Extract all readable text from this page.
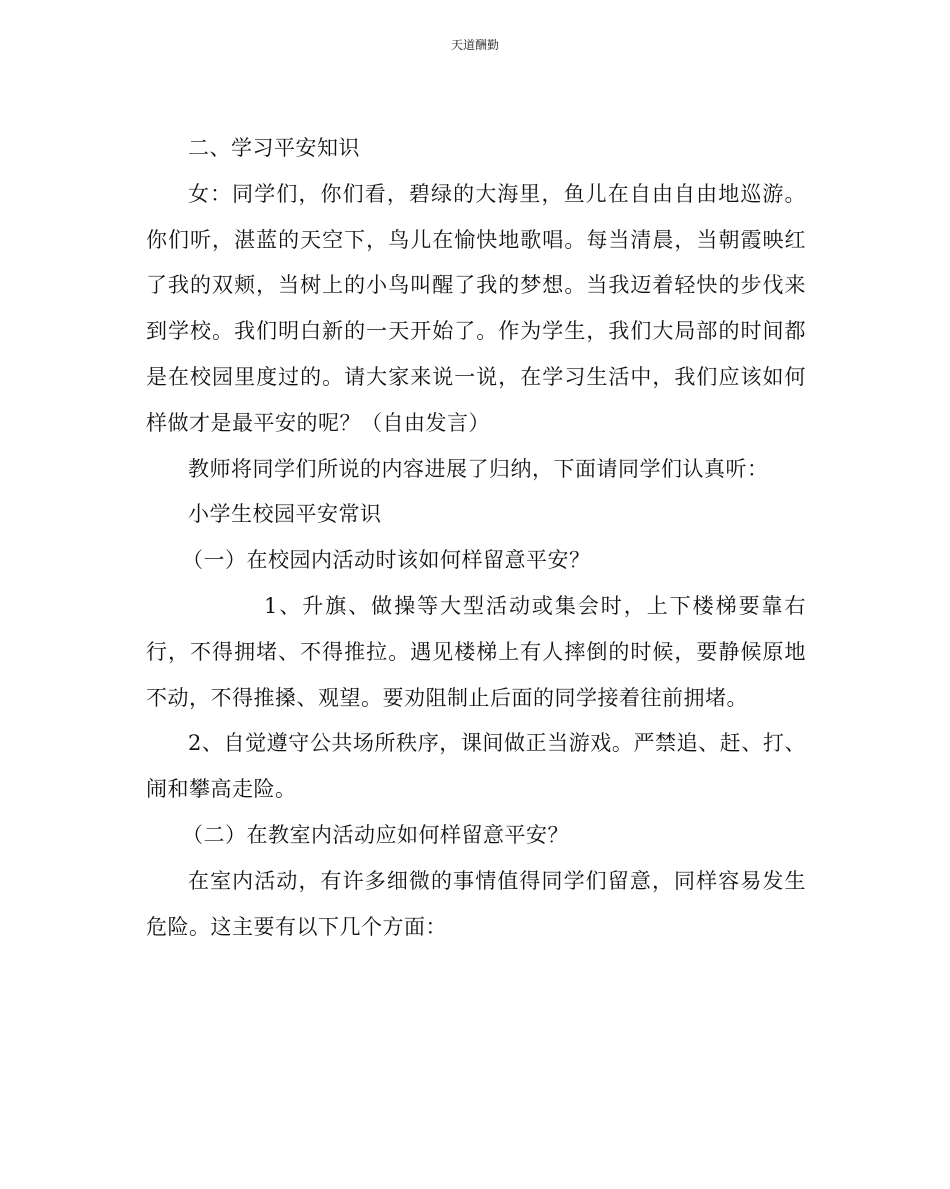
天道酬勤

二、学习平安知识

女：同学们，你们看，碧绿的大海里，鱼儿在自由自由地巡游。你们听，湛蓝的天空下，鸟儿在愉快地歌唱。每当清晨，当朝霞映红了我的双颊，当树上的小鸟叫醒了我的梦想。当我迈着轻快的步伐来到学校。我们明白新的一天开始了。作为学生，我们大局部的时间都是在校园里度过的。请大家来说一说，在学习生活中，我们应该如何样做才是最平安的呢？（自由发言）

教师将同学们所说的内容进展了归纳，下面请同学们认真听：

小学生校园平安常识

（一）在校园内活动时该如何样留意平安？

1、升旗、做操等大型活动或集会时，上下楼梯要靠右行，不得拥堵、不得推拉。遇见楼梯上有人摔倒的时候，要静候原地不动，不得推搡、观望。要劝阻制止后面的同学接着往前拥堵。

2、自觉遵守公共场所秩序，课间做正当游戏。严禁追、赶、打、闹和攀高走险。

（二）在教室内活动应如何样留意平安？

在室内活动，有许多细微的事情值得同学们留意，同样容易发生危险。这主要有以下几个方面：
